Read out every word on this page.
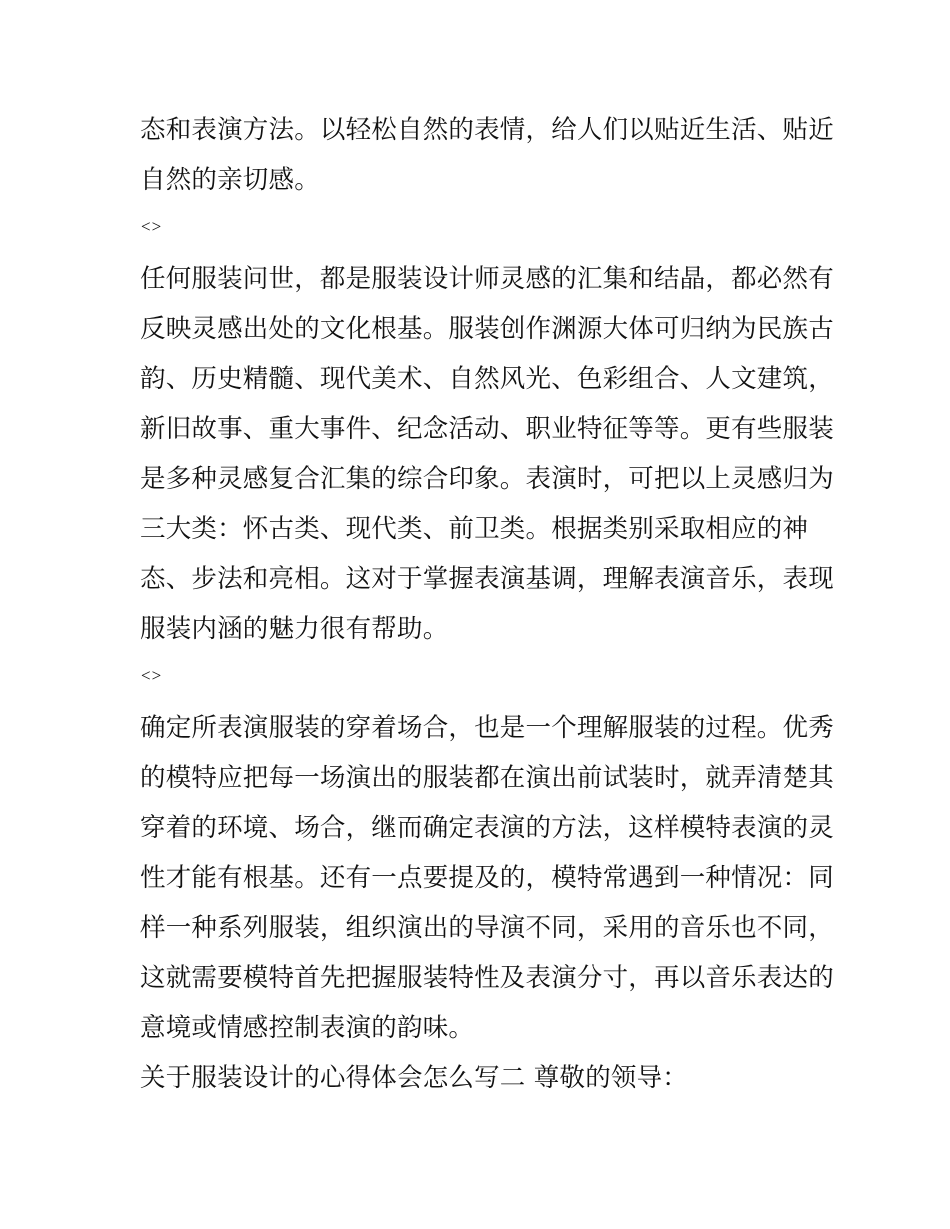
态和表演方法。以轻松自然的表情，给人们以贴近生活、贴近
自然的亲切感。
<>
任何服装问世，都是服装设计师灵感的汇集和结晶，都必然有
反映灵感出处的文化根基。服装创作渊源大体可归纳为民族古
韵、历史精髓、现代美术、自然风光、色彩组合、人文建筑，
新旧故事、重大事件、纪念活动、职业特征等等。更有些服装
是多种灵感复合汇集的综合印象。表演时，可把以上灵感归为
三大类：怀古类、现代类、前卫类。根据类别采取相应的神
态、步法和亮相。这对于掌握表演基调，理解表演音乐，表现
服装内涵的魅力很有帮助。
<>
确定所表演服装的穿着场合，也是一个理解服装的过程。优秀
的模特应把每一场演出的服装都在演出前试装时，就弄清楚其
穿着的环境、场合，继而确定表演的方法，这样模特表演的灵
性才能有根基。还有一点要提及的，模特常遇到一种情况：同
样一种系列服装，组织演出的导演不同，采用的音乐也不同，
这就需要模特首先把握服装特性及表演分寸，再以音乐表达的
意境或情感控制表演的韵味。
关于服装设计的心得体会怎么写二 尊敬的领导：
